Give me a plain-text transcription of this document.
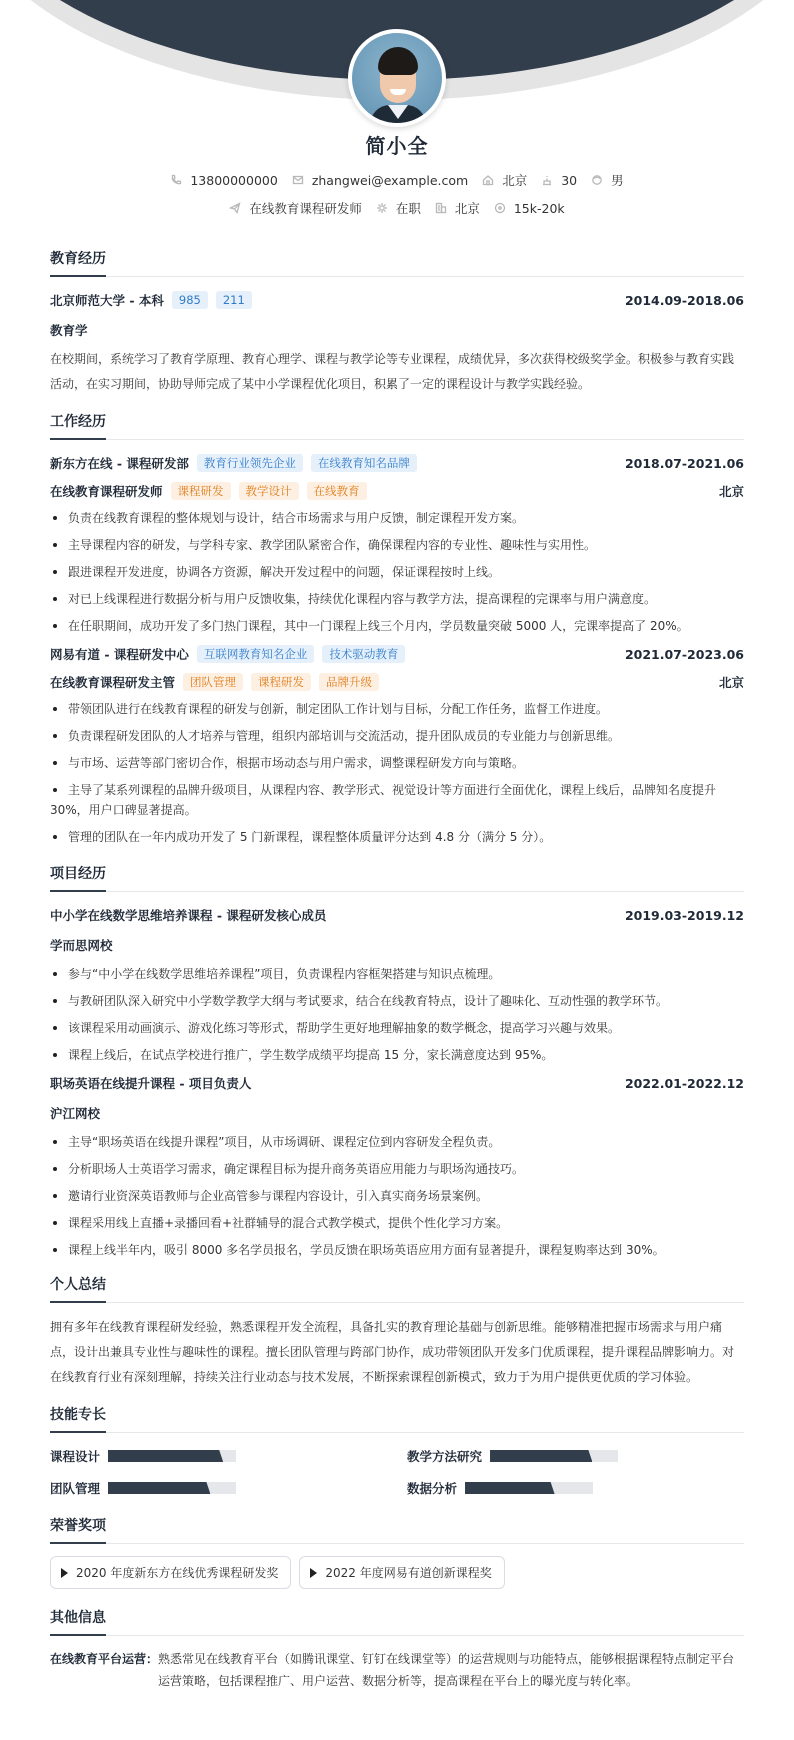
简小全
13800000000	zhangwei@example.com	北京	30	男
在线教育课程研发师	在职	北京	15k-20k
教育经历
北京师范大学 - 本科	985	211	2014.09-2018.06
教育学
在校期间，系统学习了教育学原理、教育心理学、课程与教学论等专业课程，成绩优异，多次获得校级奖学金。积极参与教育实践活动，在实习期间，协助导师完成了某中小学课程优化项目，积累了一定的课程设计与教学实践经验。
工作经历
新东方在线 - 课程研发部	教育行业领先企业	在线教育知名品牌	2018.07-2021.06
在线教育课程研发师	课程研发	教学设计	在线教育	北京
负责在线教育课程的整体规划与设计，结合市场需求与用户反馈，制定课程开发方案。
主导课程内容的研发，与学科专家、教学团队紧密合作，确保课程内容的专业性、趣味性与实用性。
跟进课程开发进度，协调各方资源，解决开发过程中的问题，保证课程按时上线。
对已上线课程进行数据分析与用户反馈收集，持续优化课程内容与教学方法，提高课程的完课率与用户满意度。
在任职期间，成功开发了多门热门课程，其中一门课程上线三个月内，学员数量突破 5000 人，完课率提高了 20%。
网易有道 - 课程研发中心	互联网教育知名企业	技术驱动教育	2021.07-2023.06
在线教育课程研发主管	团队管理	课程研发	品牌升级	北京
带领团队进行在线教育课程的研发与创新，制定团队工作计划与目标，分配工作任务，监督工作进度。
负责课程研发团队的人才培养与管理，组织内部培训与交流活动，提升团队成员的专业能力与创新思维。
与市场、运营等部门密切合作，根据市场动态与用户需求，调整课程研发方向与策略。
主导了某系列课程的品牌升级项目，从课程内容、教学形式、视觉设计等方面进行全面优化，课程上线后，品牌知名度提升 30%，用户口碑显著提高。
管理的团队在一年内成功开发了 5 门新课程，课程整体质量评分达到 4.8 分（满分 5 分）。
项目经历
中小学在线数学思维培养课程 - 课程研发核心成员	2019.03-2019.12
学而思网校
参与“中小学在线数学思维培养课程”项目，负责课程内容框架搭建与知识点梳理。
与教研团队深入研究中小学数学教学大纲与考试要求，结合在线教育特点，设计了趣味化、互动性强的教学环节。
该课程采用动画演示、游戏化练习等形式，帮助学生更好地理解抽象的数学概念，提高学习兴趣与效果。
课程上线后，在试点学校进行推广，学生数学成绩平均提高 15 分，家长满意度达到 95%。
职场英语在线提升课程 - 项目负责人	2022.01-2022.12
沪江网校
主导“职场英语在线提升课程”项目，从市场调研、课程定位到内容研发全程负责。
分析职场人士英语学习需求，确定课程目标为提升商务英语应用能力与职场沟通技巧。
邀请行业资深英语教师与企业高管参与课程内容设计，引入真实商务场景案例。
课程采用线上直播+录播回看+社群辅导的混合式教学模式，提供个性化学习方案。
课程上线半年内，吸引 8000 多名学员报名，学员反馈在职场英语应用方面有显著提升，课程复购率达到 30%。
个人总结
拥有多年在线教育课程研发经验，熟悉课程开发全流程，具备扎实的教育理论基础与创新思维。能够精准把握市场需求与用户痛点，设计出兼具专业性与趣味性的课程。擅长团队管理与跨部门协作，成功带领团队开发多门优质课程，提升课程品牌影响力。对在线教育行业有深刻理解，持续关注行业动态与技术发展，不断探索课程创新模式，致力于为用户提供更优质的学习体验。
技能专长
课程设计	教学方法研究
团队管理	数据分析
荣誉奖项
2020 年度新东方在线优秀课程研发奖	2022 年度网易有道创新课程奖
其他信息
在线教育平台运营： 熟悉常见在线教育平台（如腾讯课堂、钉钉在线课堂等）的运营规则与功能特点，能够根据课程特点制定平台运营策略，包括课程推广、用户运营、数据分析等，提高课程在平台上的曝光度与转化率。
